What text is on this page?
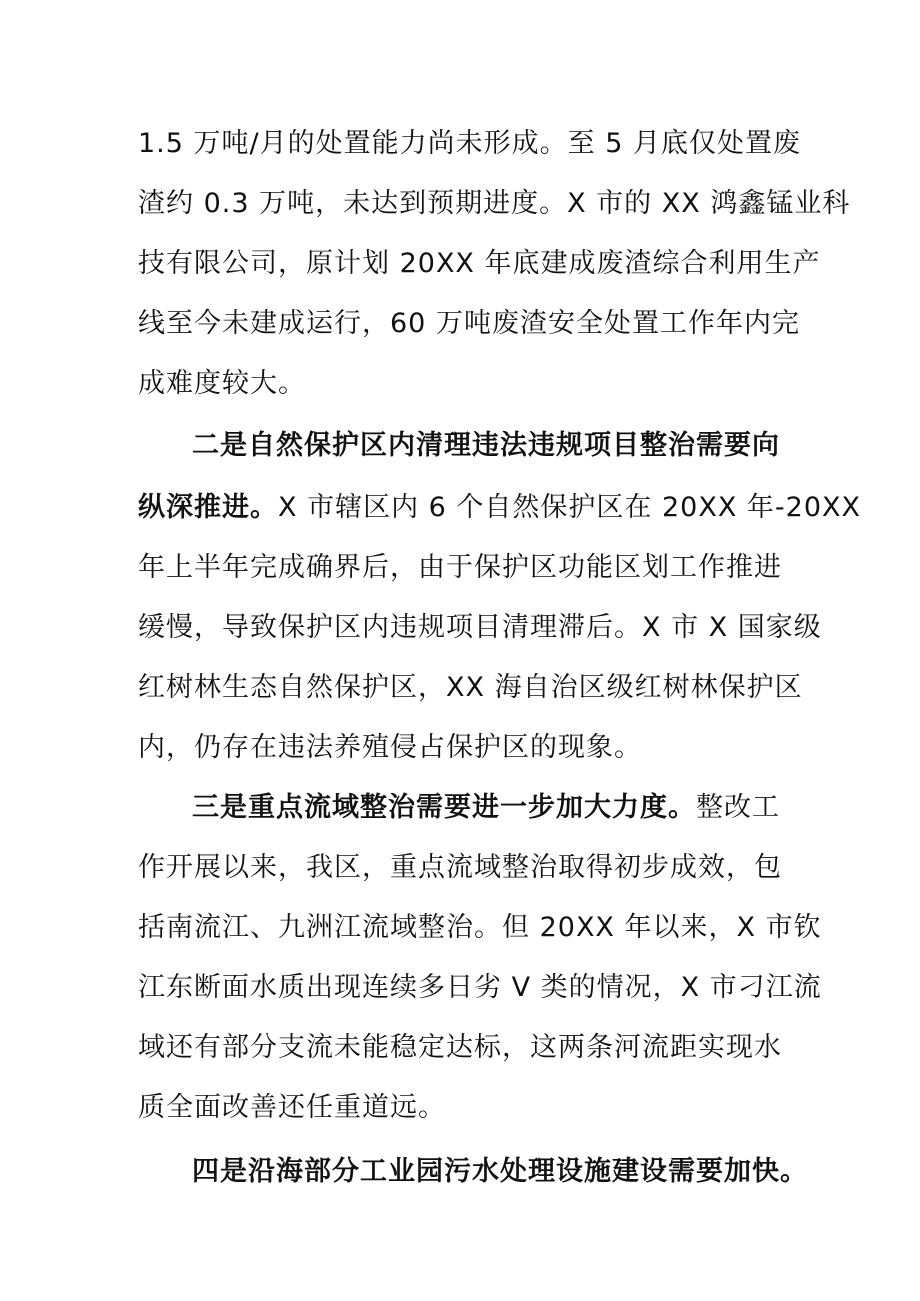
1.5 万吨/月的处置能力尚未形成。至 5 月底仅处置废
渣约 0.3 万吨，未达到预期进度。X 市的 XX 鸿鑫锰业科
技有限公司，原计划 20XX 年底建成废渣综合利用生产
线至今未建成运行，60 万吨废渣安全处置工作年内完
成难度较大。
二是自然保护区内清理违法违规项目整治需要向
纵深推进。X 市辖区内 6 个自然保护区在 20XX 年-20XX
年上半年完成确界后，由于保护区功能区划工作推进
缓慢，导致保护区内违规项目清理滞后。X 市 X 国家级
红树林生态自然保护区，XX 海自治区级红树林保护区
内，仍存在违法养殖侵占保护区的现象。
三是重点流域整治需要进一步加大力度。整改工
作开展以来，我区，重点流域整治取得初步成效，包
括南流江、九洲江流域整治。但 20XX 年以来，X 市钦
江东断面水质出现连续多日劣 V 类的情况，X 市刁江流
域还有部分支流未能稳定达标，这两条河流距实现水
质全面改善还任重道远。
四是沿海部分工业园污水处理设施建设需要加快。
